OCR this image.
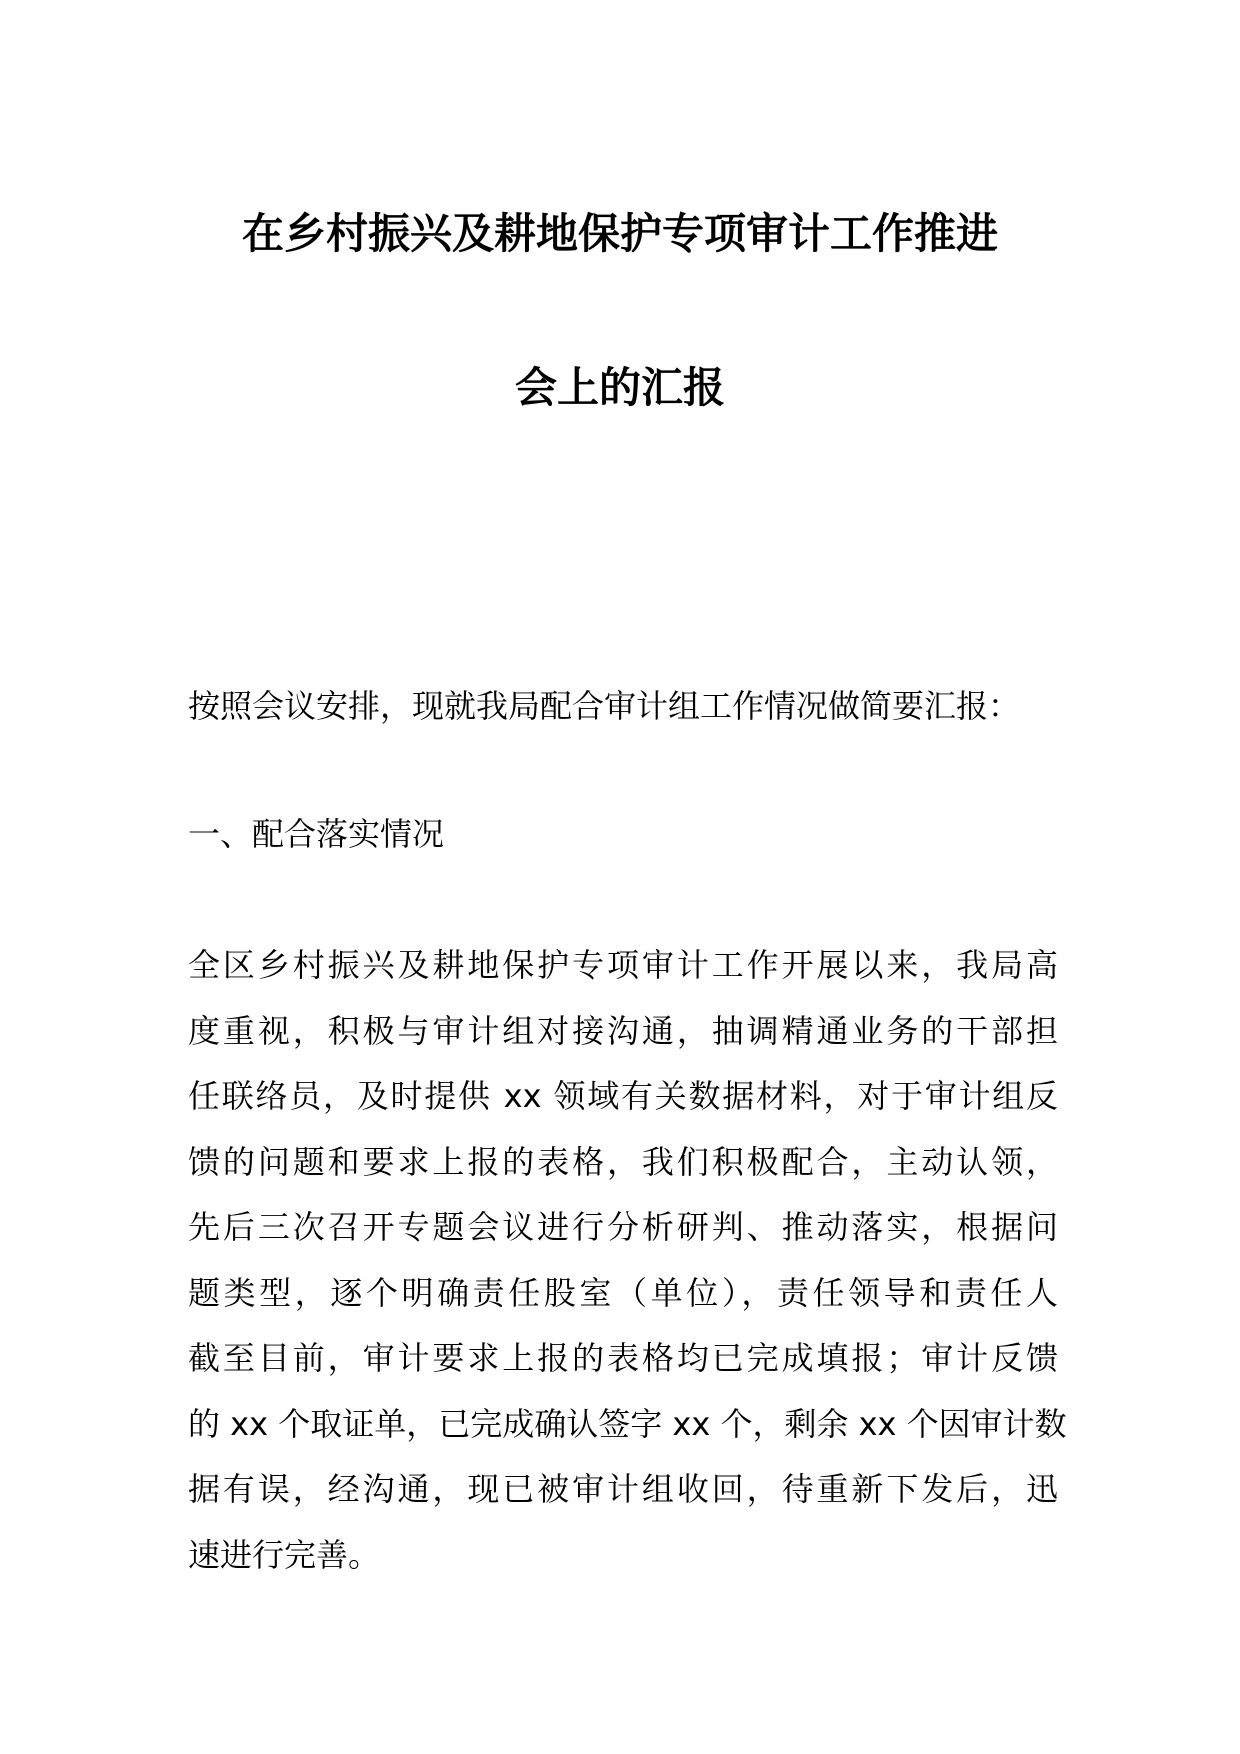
在乡村振兴及耕地保护专项审计工作推进
会上的汇报
按照会议安排，现就我局配合审计组工作情况做简要汇报：
一、配合落实情况
全区乡村振兴及耕地保护专项审计工作开展以来，我局高
度重视，积极与审计组对接沟通，抽调精通业务的干部担
任联络员，及时提供 xx 领域有关数据材料，对于审计组反
馈的问题和要求上报的表格，我们积极配合，主动认领，
先后三次召开专题会议进行分析研判、推动落实，根据问
题类型，逐个明确责任股室（单位），责任领导和责任人
截至目前，审计要求上报的表格均已完成填报；审计反馈
的 xx 个取证单，已完成确认签字 xx 个，剩余 xx 个因审计数
据有误，经沟通，现已被审计组收回，待重新下发后，迅
速进行完善。
